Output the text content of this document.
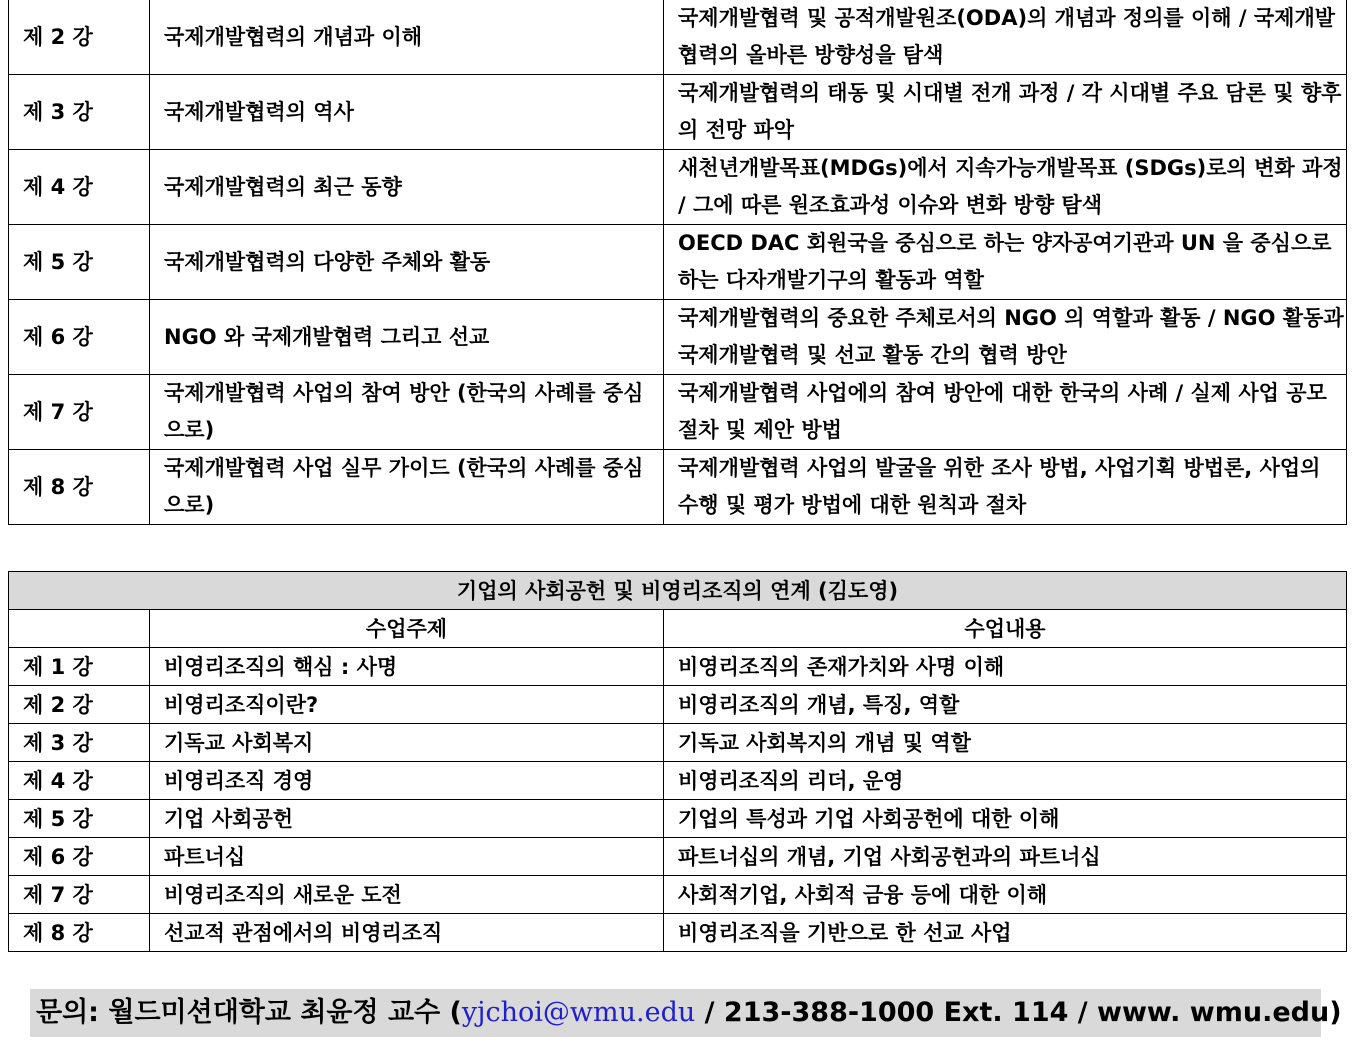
제 2 강	국제개발협력의 개념과 이해	국제개발협력 및 공적개발원조(ODA)의 개념과 정의를 이해 / 국제개발협력의 올바른 방향성을 탐색
제 3 강	국제개발협력의 역사	국제개발협력의 태동 및 시대별 전개 과정 / 각 시대별 주요 담론 및 향후의 전망 파악
제 4 강	국제개발협력의 최근 동향	새천년개발목표(MDGs)에서 지속가능개발목표 (SDGs)로의 변화 과정 / 그에 따른 원조효과성 이슈와 변화 방향 탐색
제 5 강	국제개발협력의 다양한 주체와 활동	OECD DAC 회원국을 중심으로 하는 양자공여기관과 UN 을 중심으로 하는 다자개발기구의 활동과 역할
제 6 강	NGO 와 국제개발협력 그리고 선교	국제개발협력의 중요한 주체로서의 NGO 의 역할과 활동 / NGO 활동과 국제개발협력 및 선교 활동 간의 협력 방안
제 7 강	국제개발협력 사업의 참여 방안 (한국의 사례를 중심으로)	국제개발협력 사업에의 참여 방안에 대한 한국의 사례 / 실제 사업 공모 절차 및 제안 방법
제 8 강	국제개발협력 사업 실무 가이드 (한국의 사례를 중심으로)	국제개발협력 사업의 발굴을 위한 조사 방법, 사업기획 방법론, 사업의 수행 및 평가 방법에 대한 원칙과 절차
기업의 사회공헌 및 비영리조직의 연계 (김도영)		
	수업주제	수업내용
제 1 강	비영리조직의 핵심 : 사명	비영리조직의 존재가치와 사명 이해
제 2 강	비영리조직이란?	비영리조직의 개념, 특징, 역할
제 3 강	기독교 사회복지	기독교 사회복지의 개념 및 역할
제 4 강	비영리조직 경영	비영리조직의 리더, 운영
제 5 강	기업 사회공헌	기업의 특성과 기업 사회공헌에 대한 이해
제 6 강	파트너십	파트너십의 개념, 기업 사회공헌과의 파트너십
제 7 강	비영리조직의 새로운 도전	사회적기업, 사회적 금융 등에 대한 이해
제 8 강	선교적 관점에서의 비영리조직	비영리조직을 기반으로 한 선교 사업
문의: 월드미션대학교 최윤정 교수 (yjchoi@wmu.edu / 213-388-1000 Ext. 114 / www. wmu.edu)
